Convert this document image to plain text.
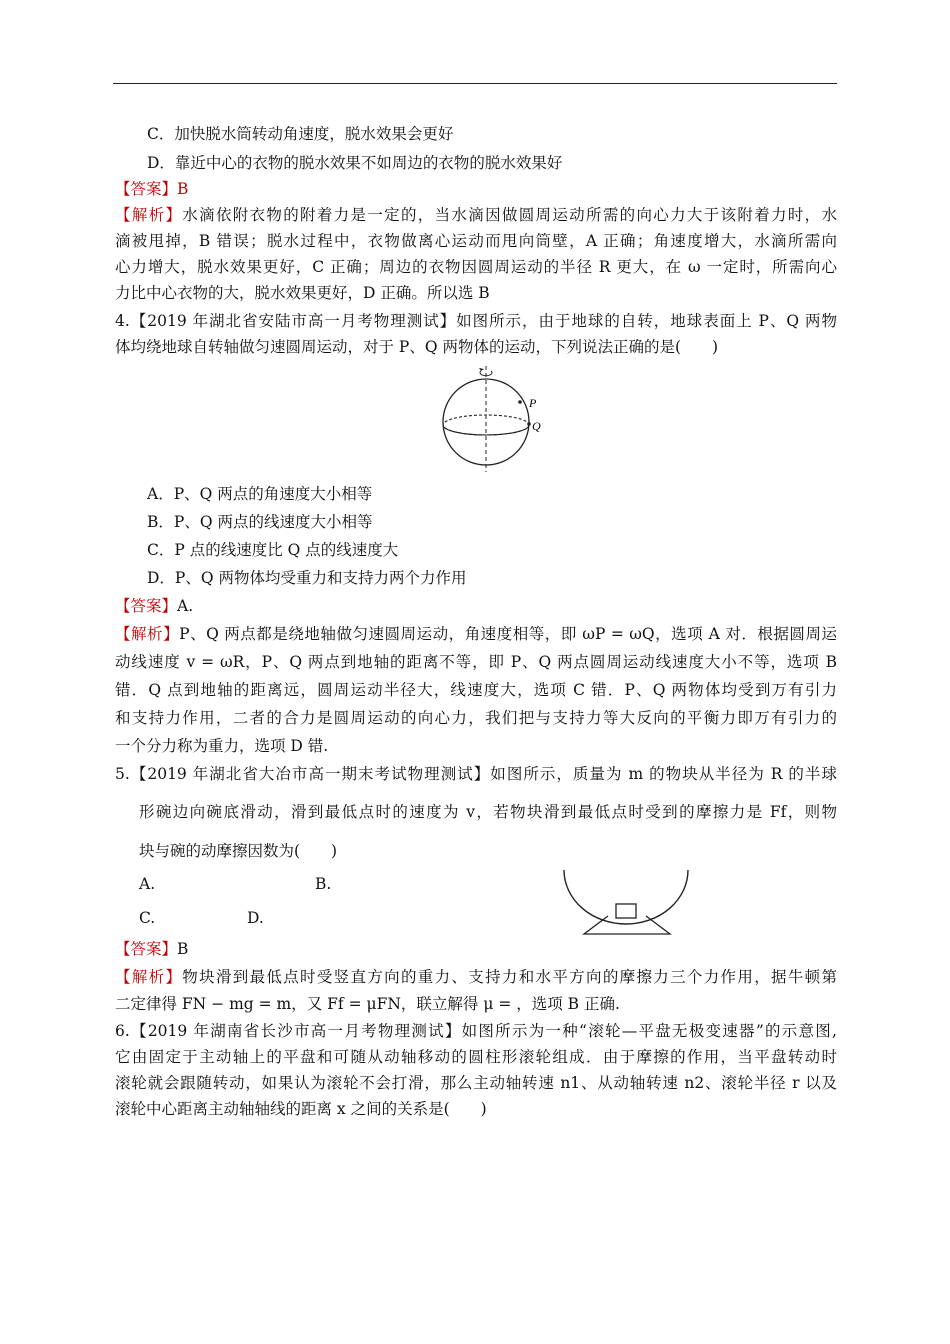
C．加快脱水筒转动角速度，脱水效果会更好
D．靠近中心的衣物的脱水效果不如周边的衣物的脱水效果好
【答案】B
【解析】水滴依附衣物的附着力是一定的，当水滴因做圆周运动所需的向心力大于该附着力时，水
滴被甩掉，B 错误；脱水过程中，衣物做离心运动而甩向筒壁，A 正确；角速度增大，水滴所需向
心力增大，脱水效果更好，C 正确；周边的衣物因圆周运动的半径 R 更大，在 ω 一定时，所需向心
力比中心衣物的大，脱水效果更好，D 正确。所以选 B
4.【2019 年湖北省安陆市高一月考物理测试】如图所示，由于地球的自转，地球表面上 P、Q 两物
体均绕地球自转轴做匀速圆周运动，对于 P、Q 两物体的运动，下列说法正确的是(　　)
P
Q
A．P、Q 两点的角速度大小相等
B．P、Q 两点的线速度大小相等
C．P 点的线速度比 Q 点的线速度大
D．P、Q 两物体均受重力和支持力两个力作用
【答案】A.
【解析】P、Q 两点都是绕地轴做匀速圆周运动，角速度相等，即 ωP = ωQ，选项 A 对．根据圆周运
动线速度 v = ωR，P、Q 两点到地轴的距离不等，即 P、Q 两点圆周运动线速度大小不等，选项 B
错．Q 点到地轴的距离远，圆周运动半径大，线速度大，选项 C 错．P、Q 两物体均受到万有引力
和支持力作用，二者的合力是圆周运动的向心力，我们把与支持力等大反向的平衡力即万有引力的
一个分力称为重力，选项 D 错.
5.【2019 年湖北省大冶市高一期末考试物理测试】如图所示，质量为 m 的物块从半径为 R 的半球
形碗边向碗底滑动，滑到最低点时的速度为 v，若物块滑到最低点时受到的摩擦力是 Ff，则物
块与碗的动摩擦因数为(　　)
A.	B.
C.	D.
【答案】B
【解析】物块滑到最低点时受竖直方向的重力、支持力和水平方向的摩擦力三个力作用，据牛顿第
二定律得 FN − mg = m，又 Ff = μFN，联立解得 μ = ，选项 B 正确.
6.【2019 年湖南省长沙市高一月考物理测试】如图所示为一种“滚轮—平盘无极变速器”的示意图,
它由固定于主动轴上的平盘和可随从动轴移动的圆柱形滚轮组成．由于摩擦的作用，当平盘转动时
滚轮就会跟随转动，如果认为滚轮不会打滑，那么主动轴转速 n1、从动轴转速 n2、滚轮半径 r 以及
滚轮中心距离主动轴轴线的距离 x 之间的关系是(　　)
